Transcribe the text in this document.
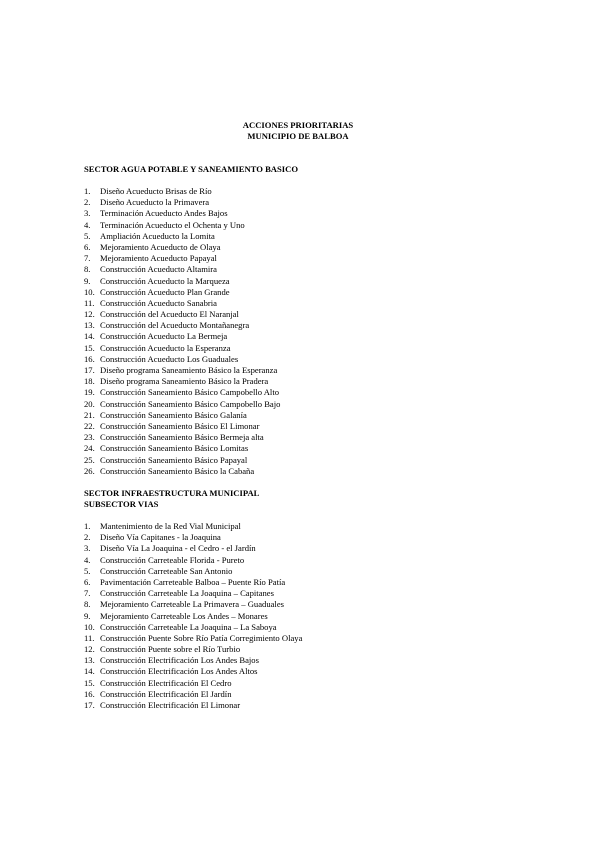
ACCIONES PRIORITARIAS
MUNICIPIO DE BALBOA
SECTOR AGUA POTABLE Y SANEAMIENTO BASICO
1. Diseño Acueducto Brisas de Río
2. Diseño Acueducto la Primavera
3. Terminación Acueducto Andes Bajos
4. Terminación Acueducto el Ochenta y Uno
5. Ampliación Acueducto la Lomita
6. Mejoramiento Acueducto de Olaya
7. Mejoramiento Acueducto Papayal
8. Construcción Acueducto Altamira
9. Construcción Acueducto la Marqueza
10. Construcción Acueducto Plan Grande
11. Construcción Acueducto Sanabria
12. Construcción del Acueducto El Naranjal
13. Construcción del Acueducto Montañanegra
14. Construcción Acueducto La Bermeja
15. Construcción Acueducto la Esperanza
16. Construcción Acueducto Los Guaduales
17. Diseño programa Saneamiento Básico la Esperanza
18. Diseño programa Saneamiento Básico la Pradera
19. Construcción Saneamiento Básico Campobello Alto
20. Construcción Saneamiento Básico Campobello Bajo
21. Construcción Saneamiento Básico Galanía
22. Construcción Saneamiento Básico El Limonar
23. Construcción Saneamiento Básico Bermeja alta
24. Construcción Saneamiento Básico Lomitas
25. Construcción Saneamiento Básico Papayal
26. Construcción Saneamiento Básico la Cabaña
SECTOR INFRAESTRUCTURA MUNICIPAL
SUBSECTOR VIAS
1. Mantenimiento de la Red Vial Municipal
2. Diseño Vía Capitanes - la Joaquina
3. Diseño Vía La Joaquina - el Cedro - el Jardín
4. Construcción Carreteable Florida - Pureto
5. Construcción Carreteable San Antonio
6. Pavimentación Carreteable Balboa – Puente Río Patía
7. Construcción Carreteable La Joaquina – Capitanes
8. Mejoramiento Carreteable La Primavera – Guaduales
9. Mejoramiento Carreteable Los Andes – Monares
10. Construcción Carreteable La Joaquina – La Saboya
11. Construcción Puente Sobre Río Patía Corregimiento Olaya
12. Construcción Puente sobre el Río Turbio
13. Construcción Electrificación Los Andes Bajos
14. Construcción Electrificación Los Andes Altos
15. Construcción Electrificación El Cedro
16. Construcción Electrificación El Jardín
17. Construcción Electrificación El Limonar
